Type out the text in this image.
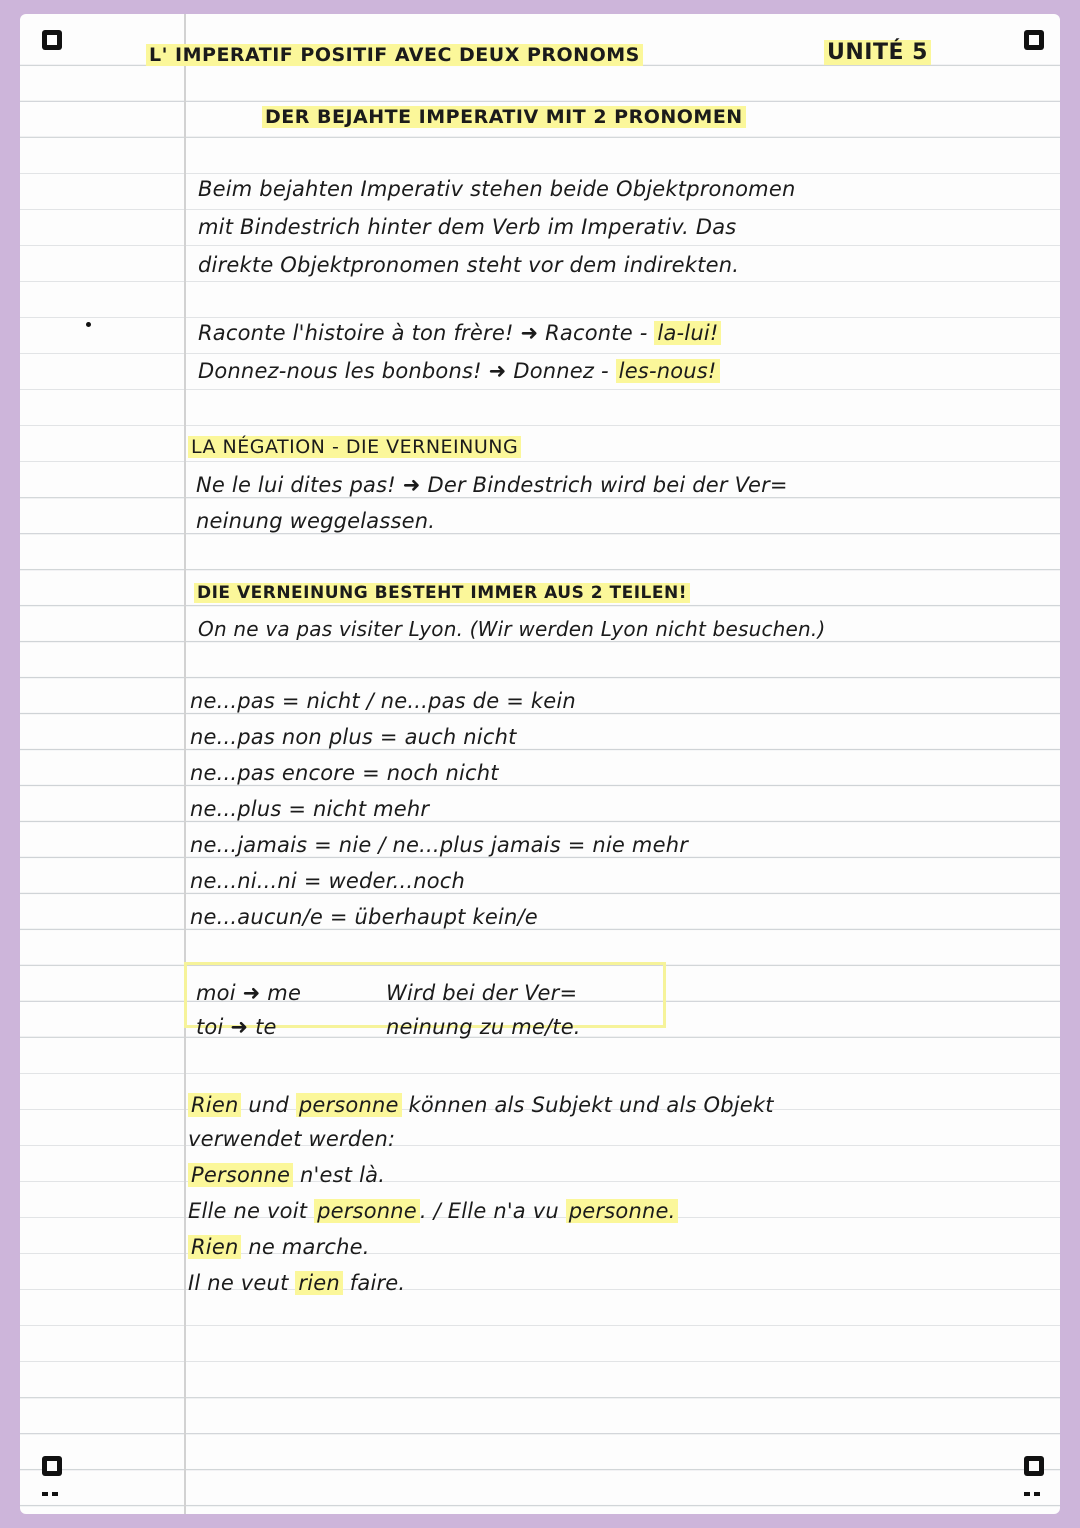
L' IMPERATIF POSITIF AVEC DEUX PRONOMS	UNITÉ 5

DER BEJAHTE IMPERATIV MIT 2 PRONOMEN

Beim bejahten Imperativ stehen beide Objektpronomen

mit Bindestrich hinter dem Verb im Imperativ. Das

direkte Objektpronomen steht vor dem indirekten.

Raconte l'histoire à ton frère! ➜ Raconte - la-lui!

Donnez-nous les bonbons! ➜ Donnez - les-nous!

LA NÉGATION - DIE VERNEINUNG

Ne le lui dites pas! ➜ Der Bindestrich wird bei der Ver=

neinung weggelassen.

DIE VERNEINUNG BESTEHT IMMER AUS 2 TEILEN!

On ne va pas visiter Lyon. (Wir werden Lyon nicht besuchen.)

ne...pas = nicht / ne...pas de = kein

ne...pas non plus = auch nicht

ne...pas encore = noch nicht

ne...plus = nicht mehr

ne...jamais = nie / ne...plus jamais = nie mehr

ne...ni...ni = weder...noch

ne...aucun/e = überhaupt kein/e

moi ➜ me

toi ➜ te

Wird bei der Ver=

neinung zu me/te.

Rien und personne können als Subjekt und als Objekt

verwendet werden:

Personne n'est là.

Elle ne voit personne . / Elle n'a vu personne.

Rien ne marche.

Il ne veut rien faire.
